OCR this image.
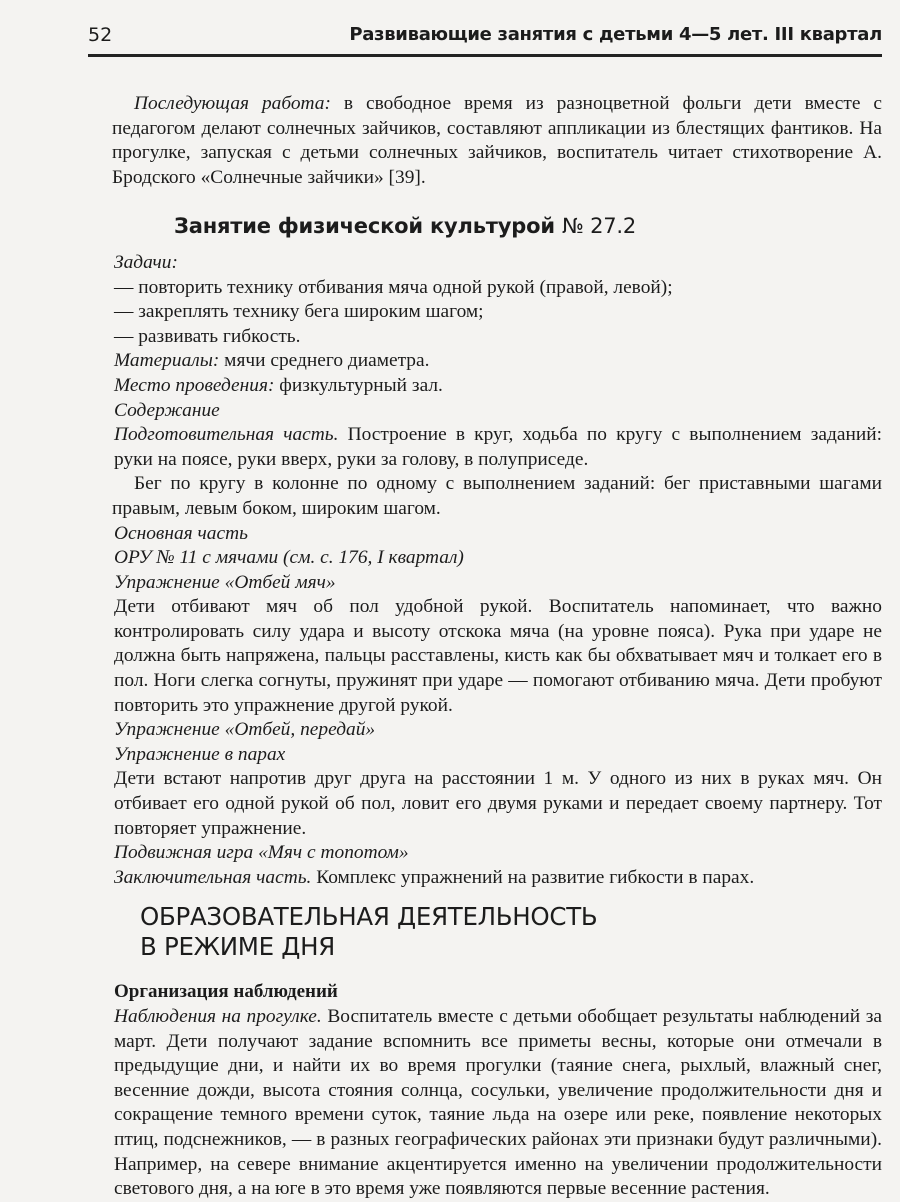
52	Развивающие занятия с детьми 4—5 лет. III квартал

Последующая работа: в свободное время из разноцветной фольги дети вместе с педагогом делают солнечных зайчиков, составляют аппликации из блестящих фантиков. На прогулке, запуская с детьми солнечных зайчиков, воспитатель читает стихотворение А. Бродского «Солнечные зайчики» [39].

Занятие физической культурой № 27.2

Задачи:

— повторить технику отбивания мяча одной рукой (правой, левой);

— закреплять технику бега широким шагом;

— развивать гибкость.

Материалы: мячи среднего диаметра.

Место проведения: физкультурный зал.

Содержание

Подготовительная часть. Построение в круг, ходьба по кругу с выполнением заданий: руки на поясе, руки вверх, руки за голову, в полуприседе.

Бег по кругу в колонне по одному с выполнением заданий: бег приставными шагами правым, левым боком, широким шагом.

Основная часть

ОРУ № 11 с мячами (см. с. 176, I квартал)

Упражнение «Отбей мяч»

Дети отбивают мяч об пол удобной рукой. Воспитатель напоминает, что важно контролировать силу удара и высоту отскока мяча (на уровне пояса). Рука при ударе не должна быть напряжена, пальцы расставлены, кисть как бы обхватывает мяч и толкает его в пол. Ноги слегка согнуты, пружинят при ударе — помогают отбиванию мяча. Дети пробуют повторить это упражнение другой рукой.

Упражнение «Отбей, передай»

Упражнение в парах

Дети встают напротив друг друга на расстоянии 1 м. У одного из них в руках мяч. Он отбивает его одной рукой об пол, ловит его двумя руками и передает своему партнеру. Тот повторяет упражнение.

Подвижная игра «Мяч с топотом»

Заключительная часть. Комплекс упражнений на развитие гибкости в парах.

ОБРАЗОВАТЕЛЬНАЯ ДЕЯТЕЛЬНОСТЬ
В РЕЖИМЕ ДНЯ

Организация наблюдений

Наблюдения на прогулке. Воспитатель вместе с детьми обобщает результаты наблюдений за март. Дети получают задание вспомнить все приметы весны, которые они отмечали в предыдущие дни, и найти их во время прогулки (таяние снега, рыхлый, влажный снег, весенние дожди, высота стояния солнца, сосульки, увеличение продолжительности дня и сокращение темного времени суток, таяние льда на озере или реке, появление некоторых птиц, подснежников, — в разных географических районах эти признаки будут различными). Например, на севере внимание акцентируется именно на увеличении продолжительности светового дня, а на юге в это время уже появляются первые весенние растения.
